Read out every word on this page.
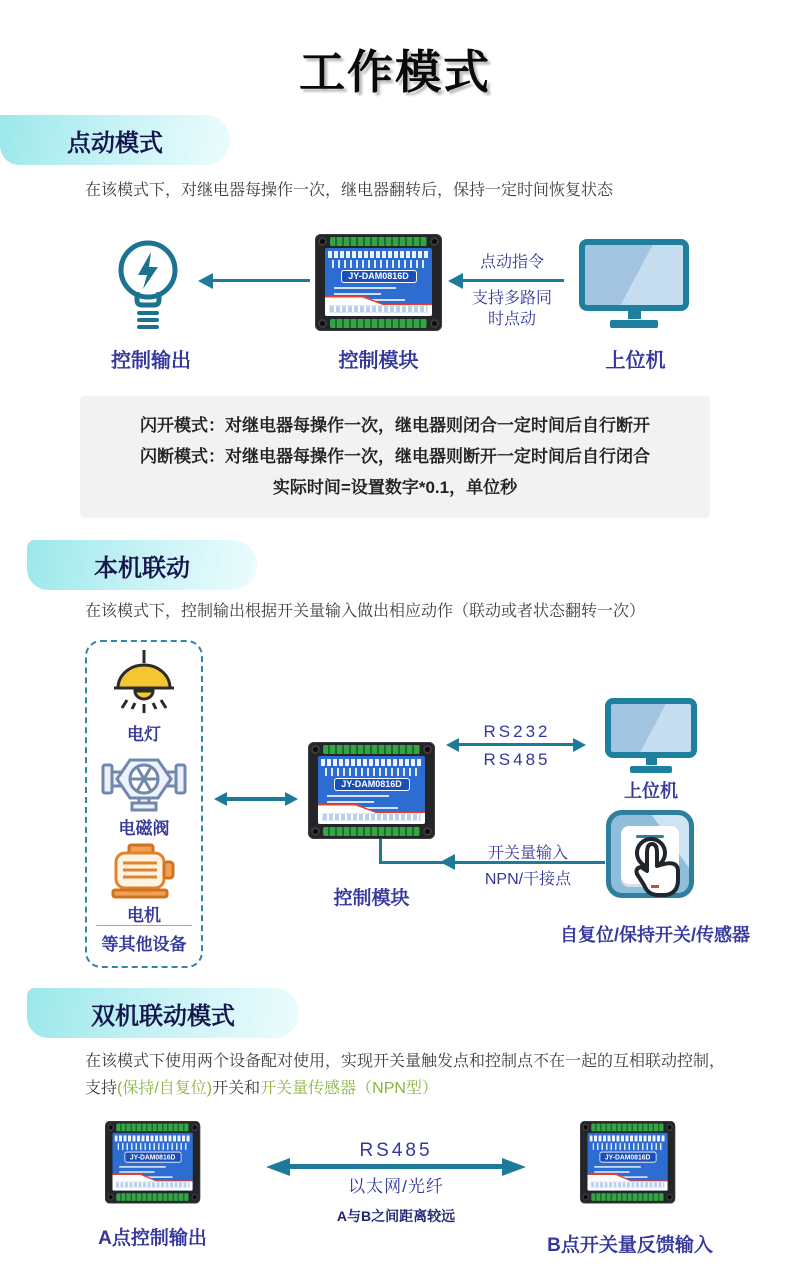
工作模式
点动模式
在该模式下，对继电器每操作一次，继电器翻转后，保持一定时间恢复状态
控制输出
JY-DAM0816D
控制模块
点动指令
支持多路同时点动
上位机
闪开模式：对继电器每操作一次，继电器则闭合一定时间后自行断开
闪断模式：对继电器每操作一次，继电器则断开一定时间后自行闭合
实际时间=设置数字*0.1，单位秒
本机联动
在该模式下，控制输出根据开关量输入做出相应动作（联动或者状态翻转一次）
电灯
电磁阀
电机
等其他设备
JY-DAM0816D
控制模块
开关量输入
NPN/干接点
RS232
RS485
上位机
自复位/保持开关/传感器
双机联动模式
在该模式下使用两个设备配对使用，实现开关量触发点和控制点不在一起的互相联动控制，
支持(保持/自复位)开关和开关量传感器（NPN型）
JY-DAM0816D
A点控制输出
RS485
以太网/光纤
A与B之间距离较远
JY-DAM0816D
B点开关量反馈输入
